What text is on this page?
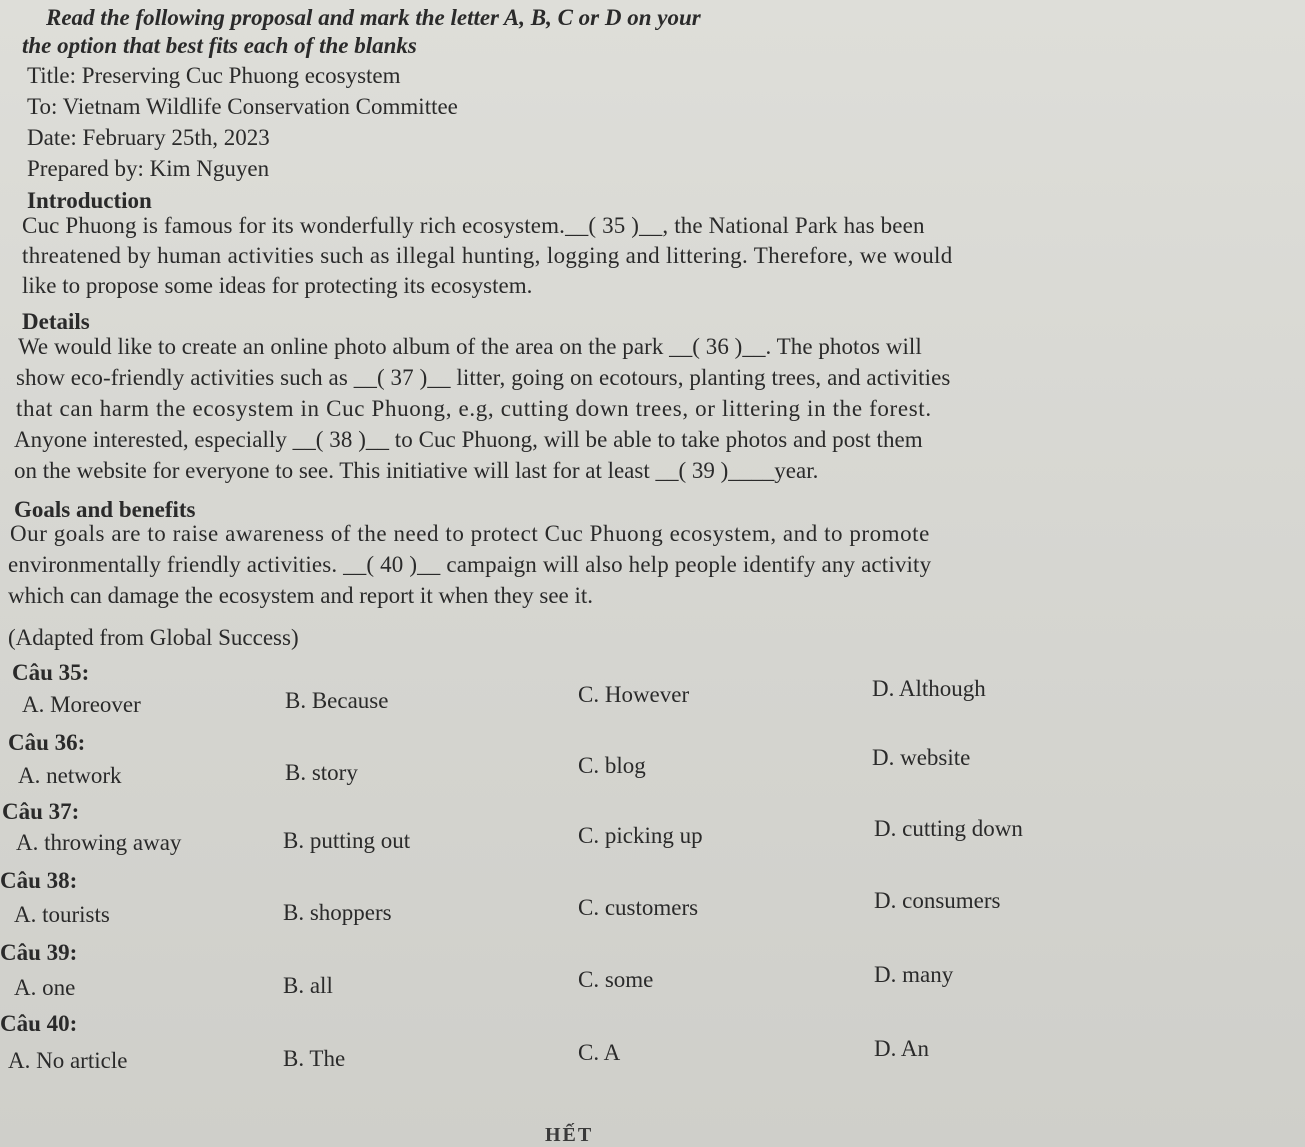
Read the following proposal and mark the letter A, B, C or D on your
the option that best fits each of the blanks
Title: Preserving Cuc Phuong ecosystem
To: Vietnam Wildlife Conservation Committee
Date: February 25th, 2023
Prepared by: Kim Nguyen
Introduction
Cuc Phuong is famous for its wonderfully rich ecosystem.__( 35 )__, the National Park has been
threatened by human activities such as illegal hunting, logging and littering. Therefore, we would
like to propose some ideas for protecting its ecosystem.
Details
We would like to create an online photo album of the area on the park __( 36 )__. The photos will
show eco-friendly activities such as __( 37 )__ litter, going on ecotours, planting trees, and activities
that can harm the ecosystem in Cuc Phuong, e.g, cutting down trees, or littering in the forest.
Anyone interested, especially __( 38 )__ to Cuc Phuong, will be able to take photos and post them
on the website for everyone to see. This initiative will last for at least __( 39 )____year.
Goals and benefits
Our goals are to raise awareness of the need to protect Cuc Phuong ecosystem, and to promote
environmentally friendly activities. __( 40 )__ campaign will also help people identify any activity
which can damage the ecosystem and report it when they see it.
(Adapted from Global Success)
Câu 35:
A. Moreover	B. Because	C. However	D. Although
Câu 36:
A. network	B. story	C. blog	D. website
Câu 37:
A. throwing away	B. putting out	C. picking up	D. cutting down
Câu 38:
A. tourists	B. shoppers	C. customers	D. consumers
Câu 39:
A. one	B. all	C. some	D. many
Câu 40:
A. No article	B. The	C. A	D. An
HẾT
